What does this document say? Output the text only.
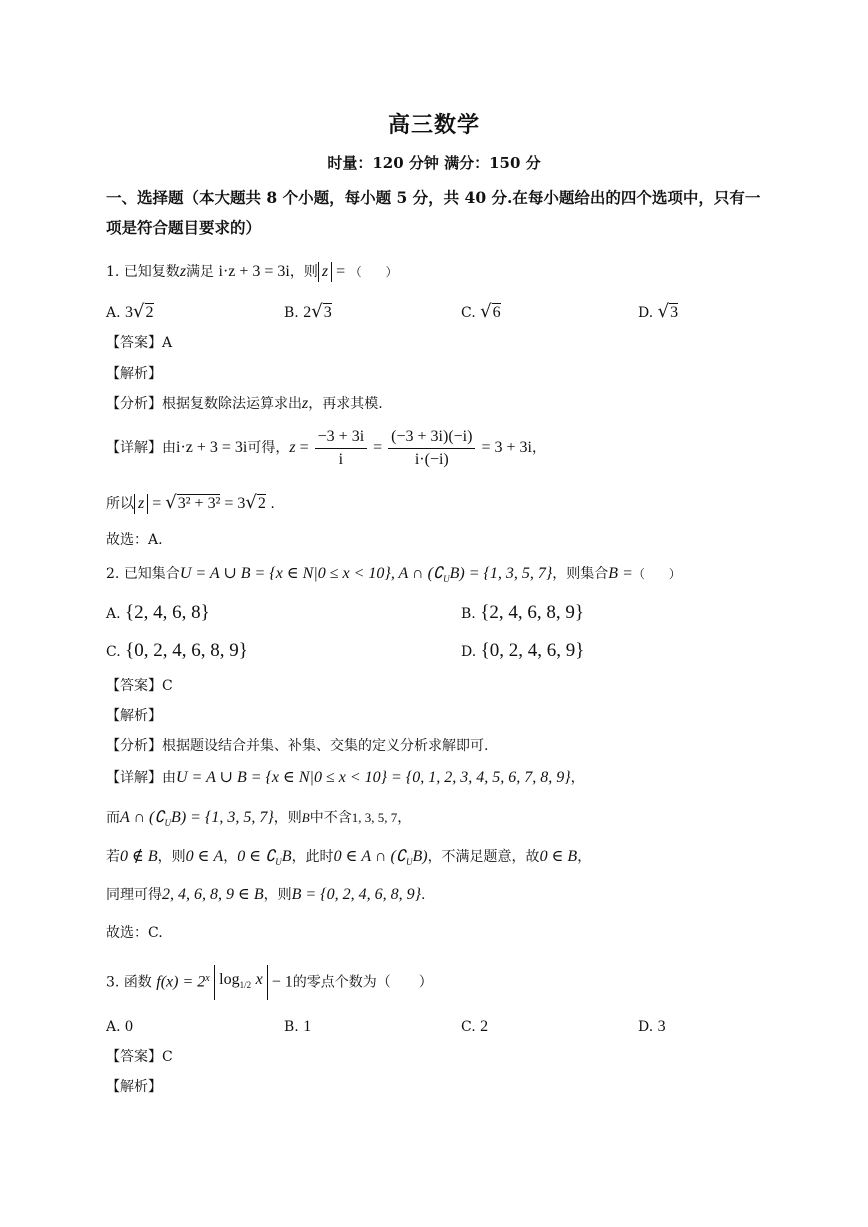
高三数学
时量：120 分钟 满分：150 分
一、选择题（本大题共 8 个小题，每小题 5 分，共 40 分.在每小题给出的四个选项中，只有一项是符合题目要求的）
1. 已知复数z满足 i·z + 3 = 3i，则 z = （　　）
A. 3√2	B. 2√3	C. √6	D. √3
【答案】A
【解析】
【分析】根据复数除法运算求出z，再求其模.
【详解】由i·z + 3 = 3i可得，$z = \frac{-3 + 3i}{i} = \frac{(-3 + 3i)(-i)}{i\cdot(-i)} = 3 + 3i$，
所以 z = √3² + 3² = 3√2 .
故选：A.
2. 已知集合U = A ∪ B = {x ∈ N|0 ≤ x < 10}, A ∩ $(∁_UB) = \{1$, 3, 5, 7}，则集合B =（　　）
A. {2, 4, 6, 8}	B. {2, 4, 6, 8, 9}
C. {0, 2, 4, 6, 8, 9}	D. {0, 2, 4, 6, 9}
【答案】C
【解析】
【分析】根据题设结合并集、补集、交集的定义分析求解即可.
【详解】由U = A ∪ B = {x ∈ N|0 ≤ x < 10} = {0, 1, 2, 3, 4, 5, 6, 7, 8, 9}，
而A ∩ $(∁_UB) = \{1$, 3, 5, 7}，则B中不含1, 3, 5, 7，
若0 ∉ B，则0 ∈ A，0 ∈ $∁_UB$，此时0 ∈ A ∩ $(∁_UB)$，不满足题意，故0 ∈ B，
同理可得2, 4, 6, 8, 9 ∈ B，则B = {0, 2, 4, 6, 8, 9}.
故选：C.
3. 函数 $f(x) = 2^x$ $\log_{1/2} x - 1$的零点个数为（　　）
A. 0	B. 1	C. 2	D. 3
【答案】C
【解析】
